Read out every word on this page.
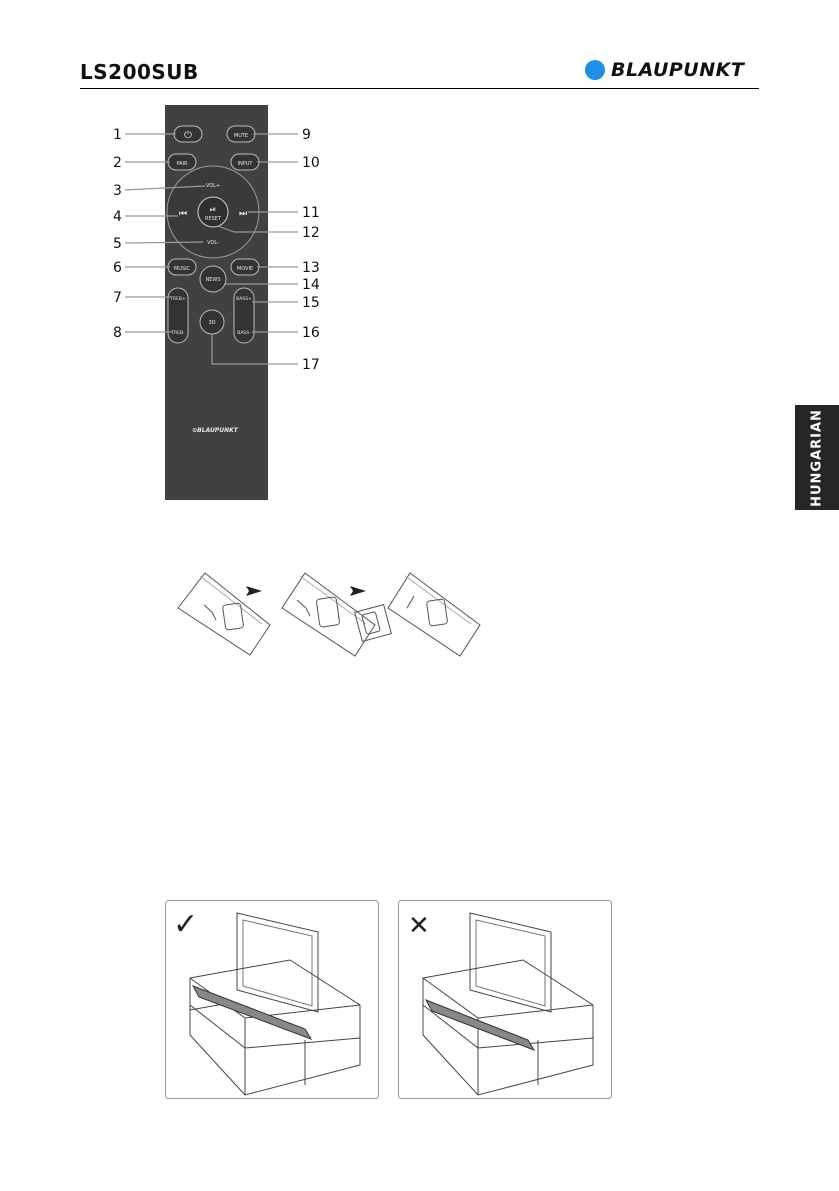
LS200SUB	BLAUPUNKT
HUNGARIAN
⏻	MUTE
PAIR	INPUT
VOL+
VOL-
⏮	⏭
⏯
RESET
MUSIC	MOVIE
NEWS
TREB+
TREB-
BASS+
BASS-
3D
⊙BLAUPUNKT
1
2
3
4
5
6
7
8
9
10
11
12
13
14
15
16
17
✓	✕
